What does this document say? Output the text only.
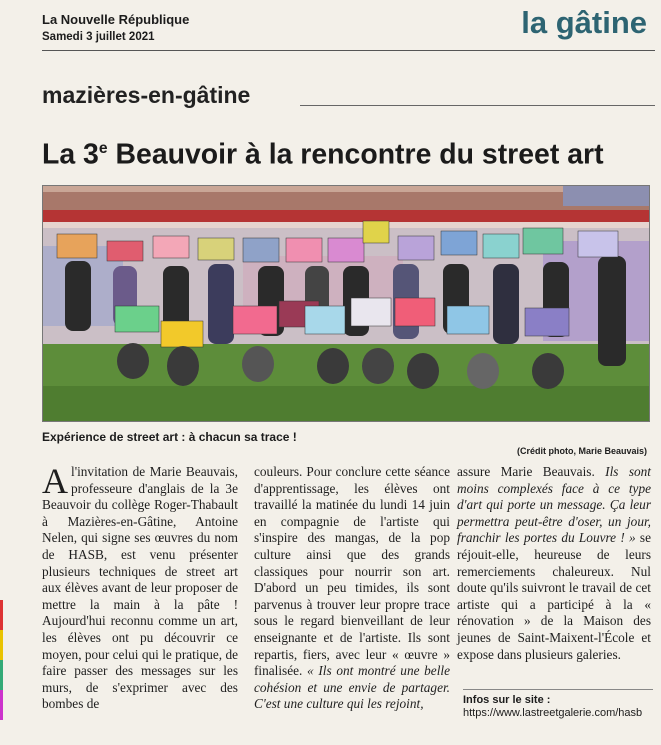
La Nouvelle République
Samedi 3 juillet 2021	la gâtine
mazières-en-gâtine
La 3e Beauvoir à la rencontre du street art
Expérience de street art : à chacun sa trace !
(Crédit photo, Marie Beauvais)

Al'invitation de Marie Beauvais, professeure d'anglais de la 3e Beauvoir du collège Roger-Thabault à Mazières-en-Gâtine, Antoine Nelen, qui signe ses œuvres du nom de HASB, est venu présenter plusieurs techniques de street art aux élèves avant de leur proposer de mettre la main à la pâte ! Aujourd'hui reconnu comme un art, les élèves ont pu découvrir ce moyen, pour celui qui le pratique, de faire passer des messages sur les murs, de s'exprimer avec des bombes de

couleurs. Pour conclure cette séance d'apprentissage, les élèves ont travaillé la matinée du lundi 14 juin en compagnie de l'artiste qui s'inspire des mangas, de la pop culture ainsi que des grands classiques pour nourrir son art. D'abord un peu timides, ils sont parvenus à trouver leur propre trace sous le regard bienveillant de leur enseignante et de l'artiste. Ils sont repartis, fiers, avec leur « œuvre » finalisée. « Ils ont montré une belle cohésion et une envie de partager. C'est une culture qui les rejoint,

assure Marie Beauvais. Ils sont moins complexés face à ce type d'art qui porte un message. Ça leur permettra peut-être d'oser, un jour, franchir les portes du Louvre ! » se réjouit-elle, heureuse de leurs remerciements chaleureux. Nul doute qu'ils suivront le travail de cet artiste qui a participé à la « rénovation » de la Maison des jeunes de Saint-Maixent-l'École et expose dans plusieurs galeries.

Infos sur le site :
https://www.lastreetgalerie.com/hasb
